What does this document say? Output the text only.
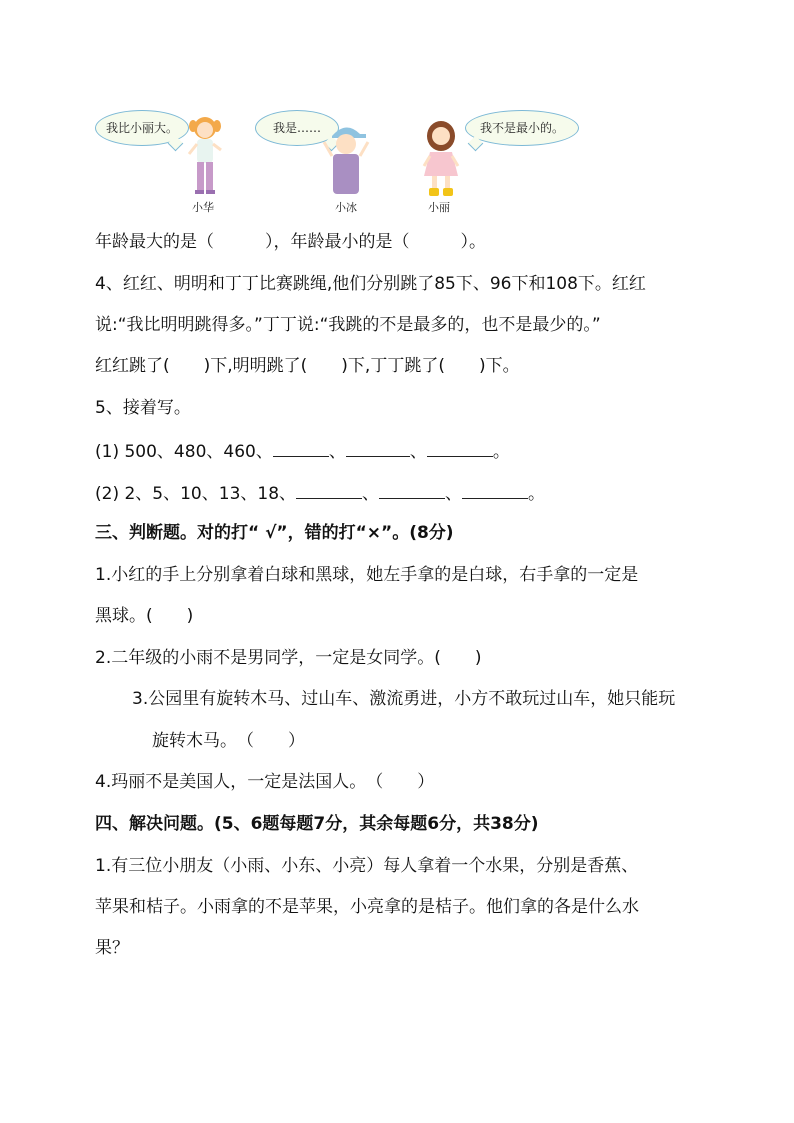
我比小丽大。	我是……	我不是最小的。
小华	小冰	小丽
年龄最大的是（　　　），年龄最小的是（　　　）。
4、红红、明明和丁丁比赛跳绳,他们分别跳了85下、96下和108下。红红
说:“我比明明跳得多。”丁丁说:“我跳的不是最多的，也不是最少的。”
红红跳了(　　)下,明明跳了(　　)下,丁丁跳了(　　)下。
5、接着写。
(1) 500、480、460、	、	、	。
(2) 2、5、10、13、18、	、	、	。
三、判断题。对的打“ √”，错的打“×”。(8分)
1.小红的手上分别拿着白球和黑球，她左手拿的是白球，右手拿的一定是
黑球。(　　)
2.二年级的小雨不是男同学，一定是女同学。(　　)
3.公园里有旋转木马、过山车、激流勇进，小方不敢玩过山车，她只能玩
旋转木马。　（　　）
4.玛丽不是美国人，一定是法国人。　（　　）
四、解决问题。(5、6题每题7分，其余每题6分，共38分)
1.有三位小朋友（小雨、小东、小亮）每人拿着一个水果，分别是香蕉、
苹果和桔子。小雨拿的不是苹果，小亮拿的是桔子。他们拿的各是什么水
果？
